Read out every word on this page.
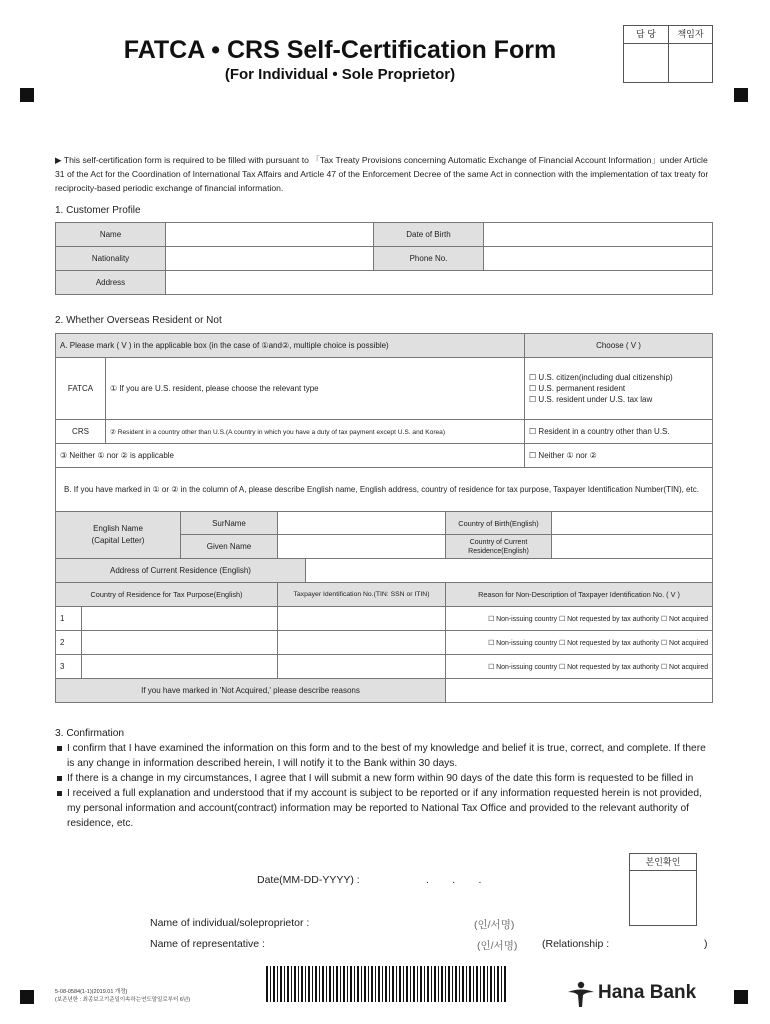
FATCA • CRS Self-Certification Form
(For Individual • Sole Proprietor)
담 당	책임자
▶ This self-certification form is required to be filled with pursuant to 「Tax Treaty Provisions concerning Automatic Exchange of Financial Account Information」under Article 31 of the Act for the Coordination of International Tax Affairs and Article 47 of the Enforcement Decree of the same Act in connection with the implementation of tax treaty for reciprocity-based periodic exchange of financial information.
1. Customer Profile
Name		Date of Birth	
Nationality		Phone No.	
Address			
2. Whether Overseas Resident or Not
A. Please mark ( V ) in the applicable box (in the case of ①and②, multiple choice is possible)		Choose ( V )
FATCA	① If you are U.S. resident, please choose the relevant type	☐ U.S. citizen(including dual citizenship)
☐ U.S. permanent resident
☐ U.S. resident under U.S. tax law

CRS	② Resident in a country other than U.S.(A country in which you have a duty of tax payment except U.S. and Korea)	☐ Resident in a country other than U.S.
③ Neither ① nor ② is applicable		☐ Neither ① nor ②
B. If you have marked in ① or ② in the column of A, please describe English name, English address, country of residence for tax purpose, Taxpayer Identification Number(TIN), etc.						
English Name
(Capital Letter)		SurName			Country of Birth(English)	
		Given Name			Country of Current Residence(English)	
Address of Current Residence (English)						
Country of Residence for Tax Purpose(English)			Taxpayer Identification No.(TIN: SSN or ITIN)		Reason for Non-Description of Taxpayer Identification No. ( V )	
1					☐ Non-issuing country ☐ Not requested by tax authority ☐ Not acquired	
2					☐ Non-issuing country ☐ Not requested by tax authority ☐ Not acquired	
3					☐ Non-issuing country ☐ Not requested by tax authority ☐ Not acquired	
If you have marked in 'Not Acquired,' please describe reasons						
3. Confirmation
I confirm that I have examined the information on this form and to the best of my knowledge and belief it is true, correct, and complete. If there is any change in information described herein, I will notify it to the Bank within 30 days.
If there is a change in my circumstances, I agree that I will submit a new form within 90 days of the date this form is requested to be filled in
I received a full explanation and understood that if my account is subject to be reported or if any information requested herein is not provided, my personal information and account(contract) information may be reported to National Tax Office and provided to the relevant authority of residence, etc.
본인확인
Date(MM-DD-YYYY) :	.        .        .
Name of individual/soleproprietor :	(인/서명)
Name of representative :	(인/서명) (Relationship :	)
5-08-0584(1-1)(2019.01 개정)
(보존년한 : 최종보고기준일이속하는연도말일로부터 6년)	Hana Bank
